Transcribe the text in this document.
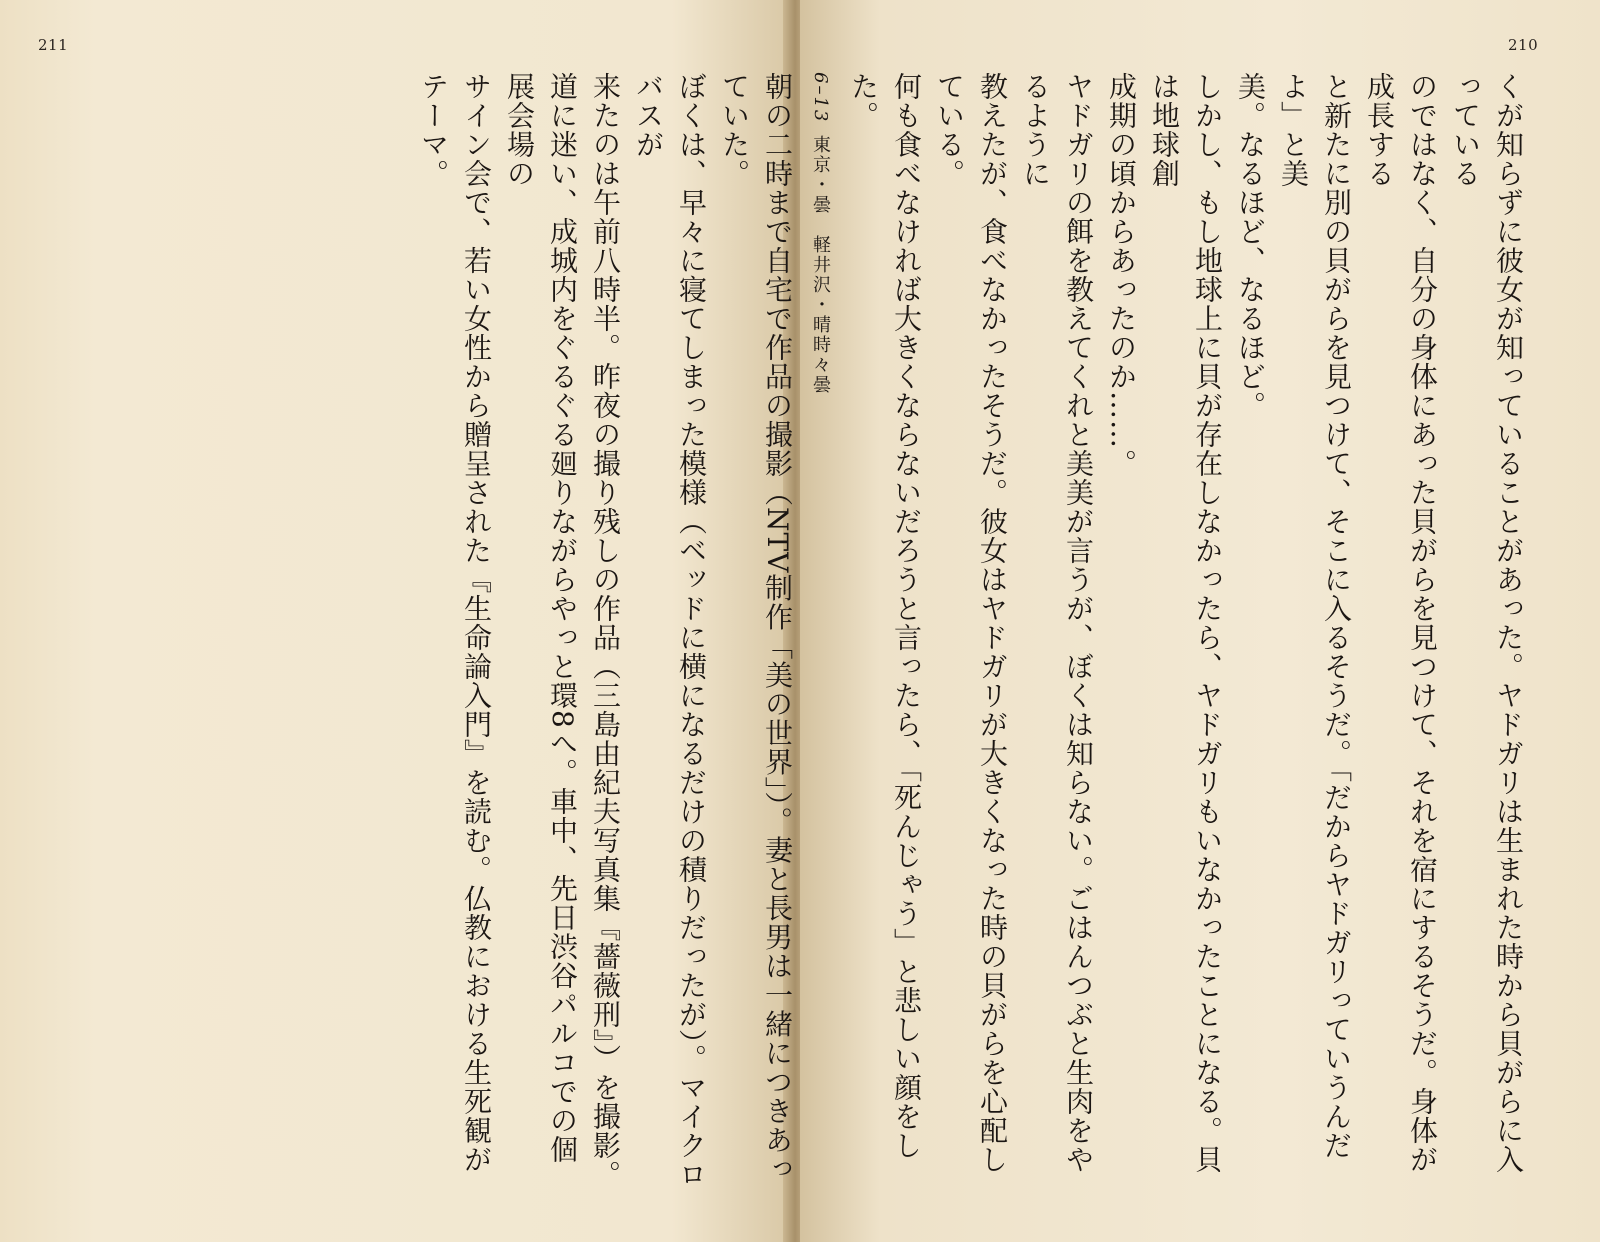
211	210

くが知らずに彼女が知っていることがあった。ヤドガリは生まれた時から貝がらに入っている

のではなく、自分の身体にあった貝がらを見つけて、それを宿にするそうだ。身体が成長する

と新たに別の貝がらを見つけて、そこに入るそうだ。「だからヤドガリっていうんだよ」と美

美。なるほど、なるほど。

しかし、もし地球上に貝が存在しなかったら、ヤドガリもいなかったことになる。貝は地球創

成期の頃からあったのか……。

ヤドガリの餌を教えてくれと美美が言うが、ぼくは知らない。ごはんつぶと生肉をやるように

教えたが、食べなかったそうだ。彼女はヤドガリが大きくなった時の貝がらを心配している。

何も食べなければ大きくならないだろうと言ったら、「死んじゃう」と悲しい顔をした。

6–13東京・曇　軽井沢・晴時々曇

朝の二時まで自宅で作品の撮影（NTV制作「美の世界」）。妻と長男は一緒につきあっていた。

ぼくは、早々に寝てしまった模様（ベッドに横になるだけの積りだったが）。マイクロバスが

来たのは午前八時半。昨夜の撮り残しの作品（三島由紀夫写真集『薔薇刑』）を撮影。

道に迷い、成城内をぐるぐる廻りながらやっと環8へ。車中、先日渋谷パルコでの個展会場の

サイン会で、若い女性から贈呈された『生命論入門』を読む。仏教における生死観がテーマ。
